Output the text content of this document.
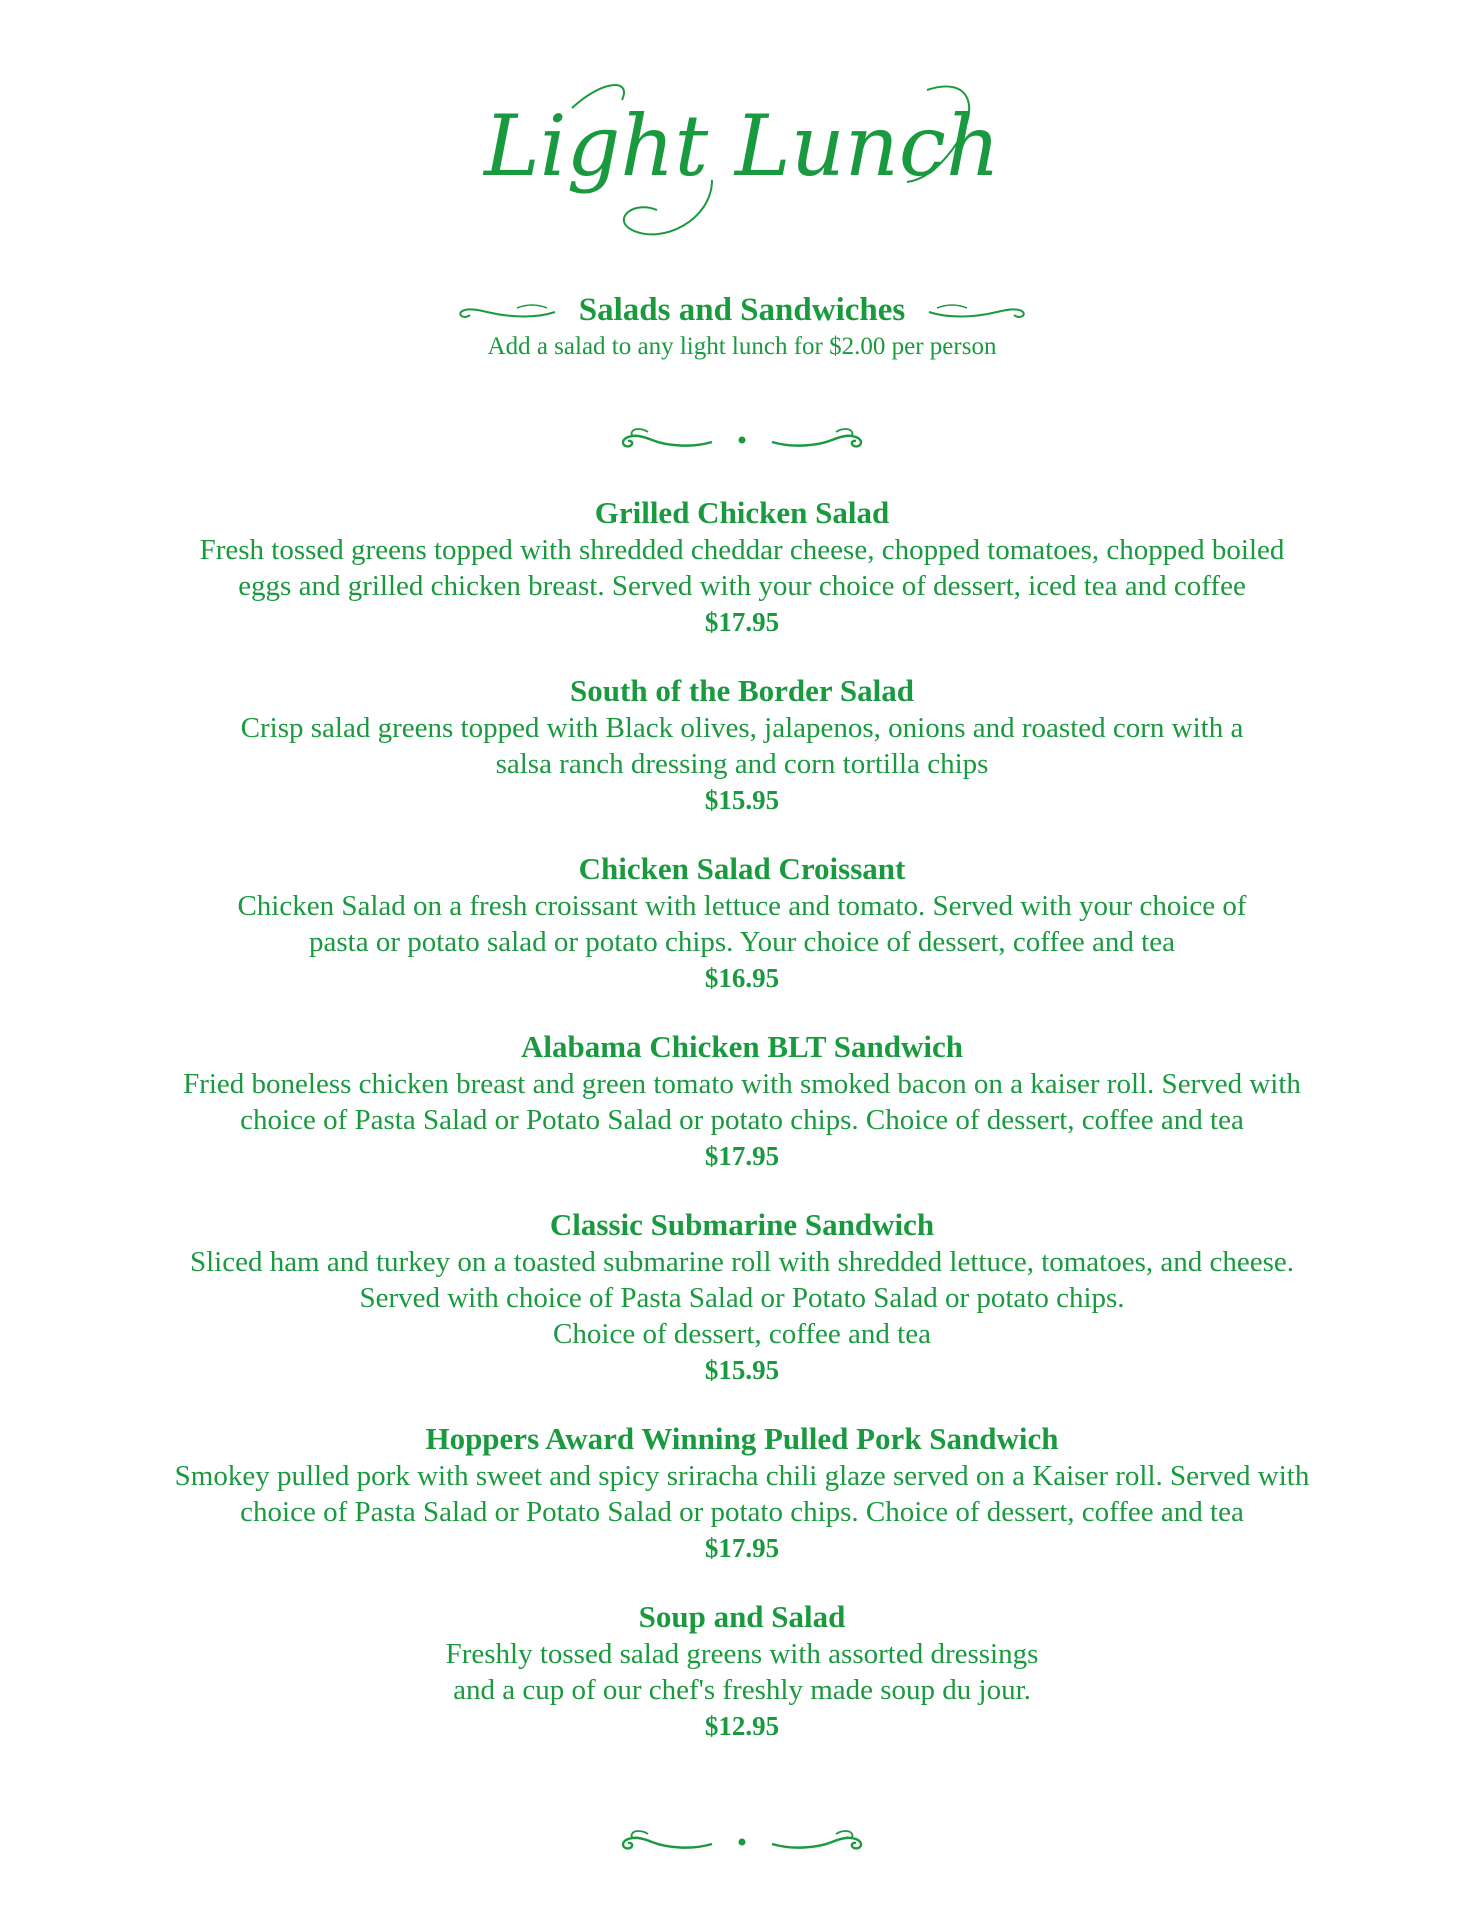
Light Lunch
Salads and Sandwiches
Add a salad to any light lunch for $2.00 per person
Grilled Chicken Salad
Fresh tossed greens topped with shredded cheddar cheese, chopped tomatoes, chopped boiled
eggs and grilled chicken breast. Served with your choice of dessert, iced tea and coffee
$17.95
South of the Border Salad
Crisp salad greens topped with Black olives, jalapenos, onions and roasted corn with a
salsa ranch dressing and corn tortilla chips
$15.95
Chicken Salad Croissant
Chicken Salad on a fresh croissant with lettuce and tomato. Served with your choice of
pasta or potato salad or potato chips. Your choice of dessert, coffee and tea
$16.95
Alabama Chicken BLT Sandwich
Fried boneless chicken breast and green tomato with smoked bacon on a kaiser roll. Served with
choice of Pasta Salad or Potato Salad or potato chips. Choice of dessert, coffee and tea
$17.95
Classic Submarine Sandwich
Sliced ham and turkey on a toasted submarine roll with shredded lettuce, tomatoes, and cheese.
Served with choice of Pasta Salad or Potato Salad or potato chips.
Choice of dessert, coffee and tea
$15.95
Hoppers Award Winning Pulled Pork Sandwich
Smokey pulled pork with sweet and spicy sriracha chili glaze served on a Kaiser roll. Served with
choice of Pasta Salad or Potato Salad or potato chips. Choice of dessert, coffee and tea
$17.95
Soup and Salad
Freshly tossed salad greens with assorted dressings
and a cup of our chef's freshly made soup du jour.
$12.95
